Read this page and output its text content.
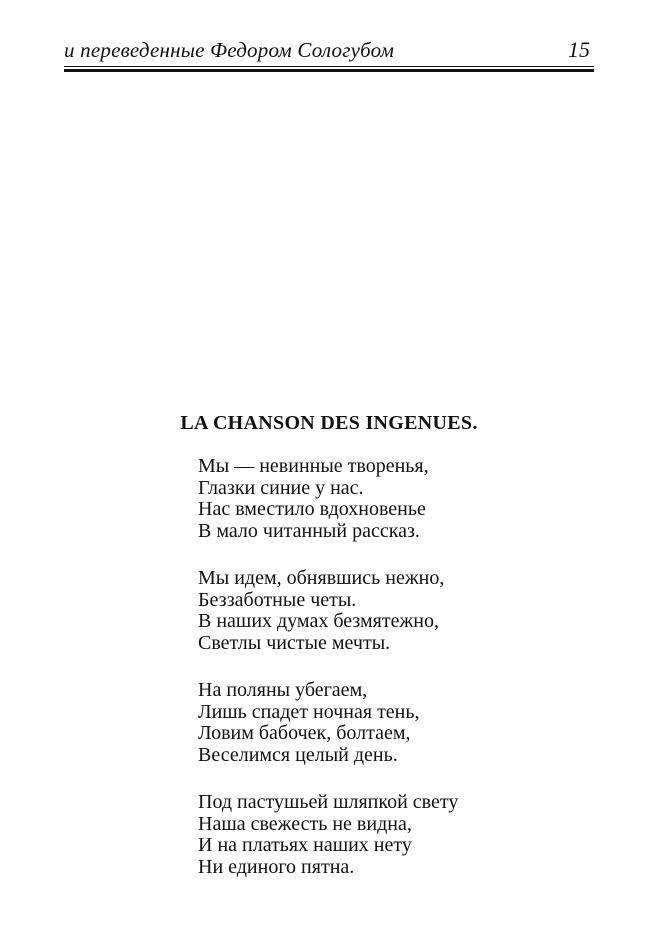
и переведенные Федором Сологубом	15
LA CHANSON DES INGENUES.
Мы — невинные творенья,
Глазки синие у нас.
Нас вместило вдохновенье
В мало читанный рассказ.
Мы идем, обнявшись нежно,
Беззаботные четы.
В наших думах безмятежно,
Светлы чистые мечты.
На поляны убегаем,
Лишь спадет ночная тень,
Ловим бабочек, болтаем,
Веселимся целый день.
Под пастушьей шляпкой свету
Наша свежесть не видна,
И на платьях наших нету
Ни единого пятна.
